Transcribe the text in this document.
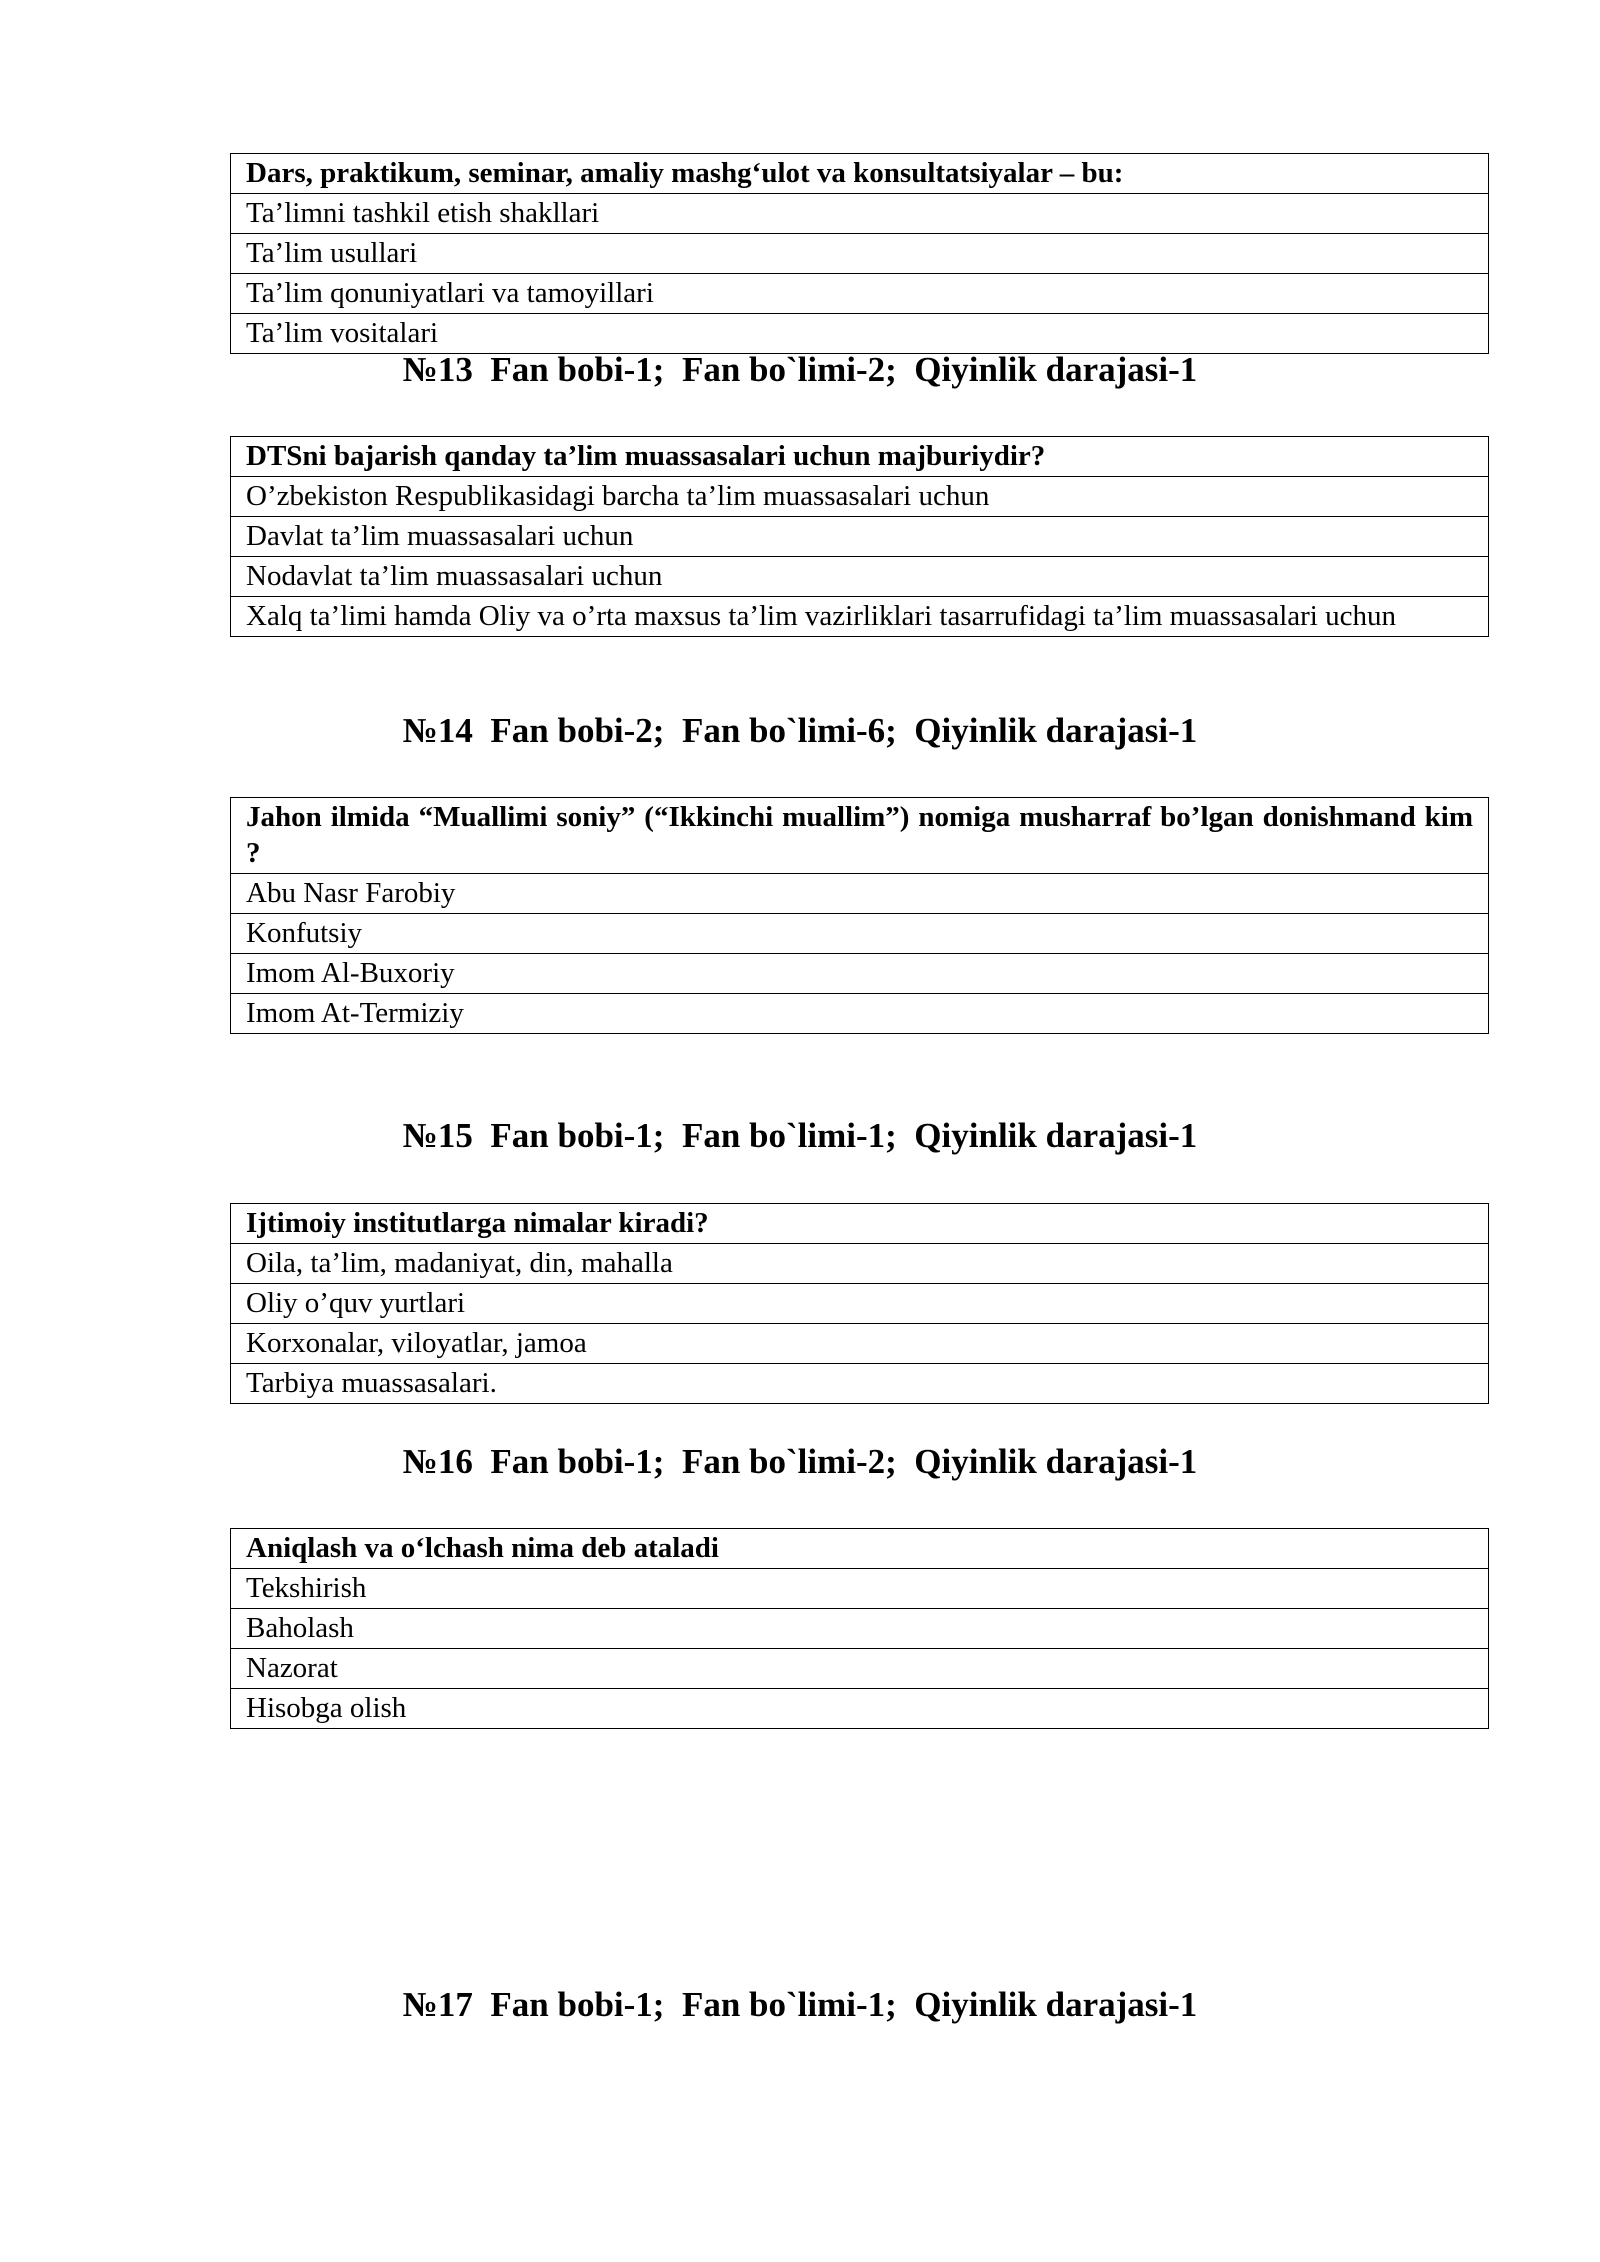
Dars, praktikum, seminar, amaliy mashg‘ulot va konsultatsiyalar – bu:
Ta’limni tashkil etish shakllari
Ta’lim usullari
Ta’lim qonuniyatlari va tamoyillari
Ta’lim vositalari
№13  Fan bobi-1;  Fan bo`limi-2;  Qiyinlik darajasi-1
DTSni bajarish qanday ta’lim muassasalari uchun majburiydir?
O’zbekiston Respublikasidagi barcha ta’lim muassasalari uchun
Davlat ta’lim muassasalari uchun
Nodavlat ta’lim muassasalari uchun
Xalq ta’limi hamda Oliy va o’rta maxsus ta’lim vazirliklari tasarrufidagi ta’lim muassasalari uchun
№14  Fan bobi-2;  Fan bo`limi-6;  Qiyinlik darajasi-1
Jahon ilmida “Muallimi soniy” (“Ikkinchi muallim”) nomiga musharraf bo’lgan donishmand kim ?
Abu Nasr Farobiy
Konfutsiy
Imom Al-Buxoriy
Imom At-Termiziy
№15  Fan bobi-1;  Fan bo`limi-1;  Qiyinlik darajasi-1
Ijtimoiy institutlarga nimalar kiradi?
Oila, ta’lim, madaniyat, din, mahalla
Oliy o’quv yurtlari
Korxonalar, viloyatlar, jamoa
Tarbiya muassasalari.
№16  Fan bobi-1;  Fan bo`limi-2;  Qiyinlik darajasi-1
Aniqlash va o‘lchash nima deb ataladi
Tekshirish
Baholash
Nazorat
Hisobga olish
№17  Fan bobi-1;  Fan bo`limi-1;  Qiyinlik darajasi-1
